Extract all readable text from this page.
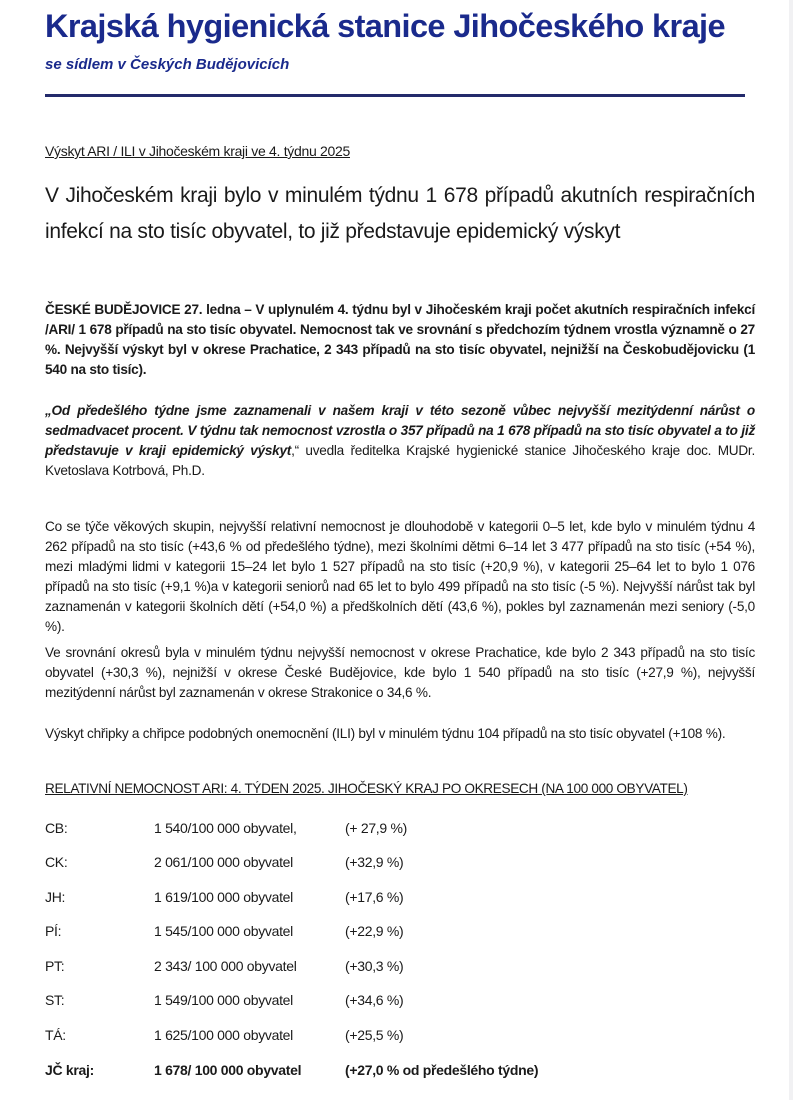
Krajská hygienická stanice Jihočeského kraje
se sídlem v Českých Budějovicích
Výskyt ARI / ILI v Jihočeském kraji ve 4. týdnu 2025
V Jihočeském kraji bylo v minulém týdnu 1 678 případů akutních respiračních infekcí na sto tisíc obyvatel, to již představuje epidemický výskyt
ČESKÉ BUDĚJOVICE 27. ledna – V uplynulém 4. týdnu byl v Jihočeském kraji počet akutních respiračních infekcí /ARI/ 1 678 případů na sto tisíc obyvatel. Nemocnost tak ve srovnání s předchozím týdnem vrostla významně o 27 %. Nejvyšší výskyt byl v okrese Prachatice, 2 343 případů na sto tisíc obyvatel, nejnižší na Českobudějovicku (1 540 na sto tisíc).
„Od předešlého týdne jsme zaznamenali v našem kraji v této sezoně vůbec nejvyšší mezitýdenní nárůst o sedmadvacet procent. V týdnu tak nemocnost vzrostla o 357 případů na 1 678 případů na sto tisíc obyvatel a to již představuje v kraji epidemický výskyt,“ uvedla ředitelka Krajské hygienické stanice Jihočeského kraje doc. MUDr. Kvetoslava Kotrbová, Ph.D.
Co se týče věkových skupin, nejvyšší relativní nemocnost je dlouhodobě v kategorii 0–5 let, kde bylo v minulém týdnu 4 262 případů na sto tisíc (+43,6 % od předešlého týdne), mezi školními dětmi 6–14 let 3 477 případů na sto tisíc (+54 %), mezi mladými lidmi v kategorii 15–24 let bylo 1 527 případů na sto tisíc (+20,9 %), v kategorii 25–64 let to bylo 1 076 případů na sto tisíc (+9,1 %)a v kategorii seniorů nad 65 let to bylo 499 případů na sto tisíc (-5 %). Nejvyšší nárůst tak byl zaznamenán v kategorii školních dětí (+54,0 %) a předškolních dětí (43,6 %), pokles byl zaznamenán mezi seniory (-5,0 %).
Ve srovnání okresů byla v minulém týdnu nejvyšší nemocnost v okrese Prachatice, kde bylo 2 343 případů na sto tisíc obyvatel (+30,3 %), nejnižší v okrese České Budějovice, kde bylo 1 540 případů na sto tisíc (+27,9 %), nejvyšší mezitýdenní nárůst byl zaznamenán v okrese Strakonice o 34,6 %.
Výskyt chřipky a chřipce podobných onemocnění (ILI) byl v minulém týdnu 104 případů na sto tisíc obyvatel (+108 %).
RELATIVNÍ NEMOCNOST ARI: 4. TÝDEN 2025. JIHOČESKÝ KRAJ PO OKRESECH (NA 100 000 OBYVATEL)
CB:	1 540/100 000 obyvatel,	(+ 27,9 %)
CK:	2 061/100 000 obyvatel	(+32,9 %)
JH:	1 619/100 000 obyvatel	(+17,6 %)
PÍ:	1 545/100 000 obyvatel	(+22,9 %)
PT:	2 343/ 100 000 obyvatel	(+30,3 %)
ST:	1 549/100 000 obyvatel	(+34,6 %)
TÁ:	1 625/100 000 obyvatel	(+25,5 %)
JČ kraj:	1 678/ 100 000 obyvatel	(+27,0 % od předešlého týdne)
